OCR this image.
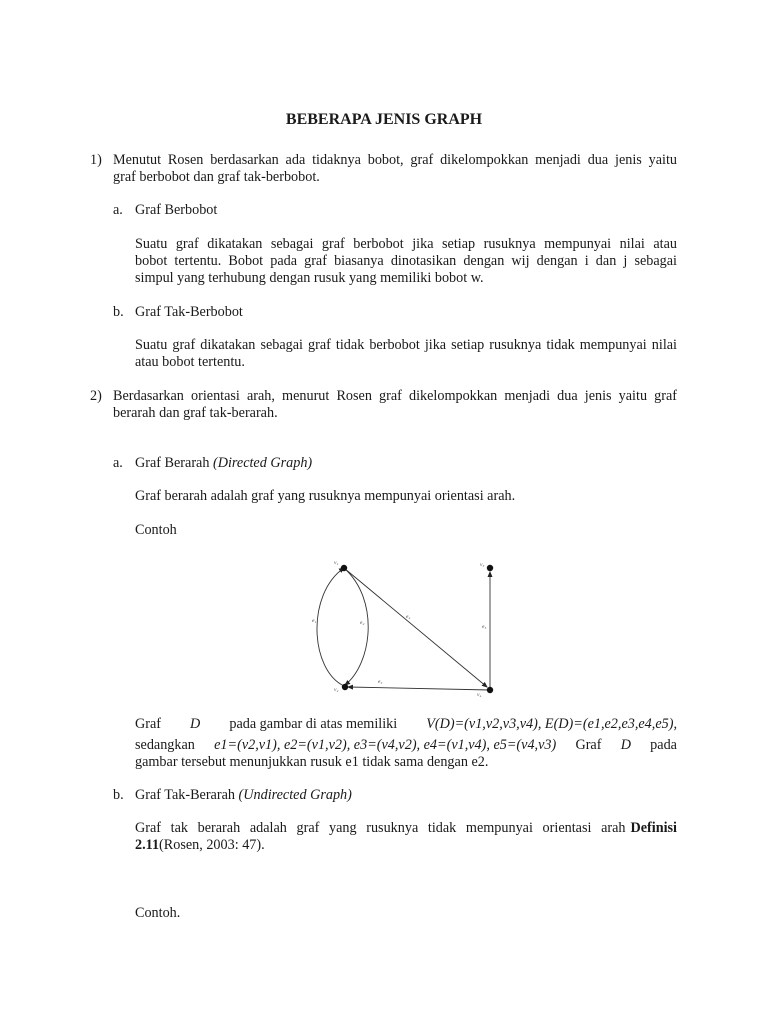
BEBERAPA JENIS GRAPH
1) Menutut Rosen berdasarkan ada tidaknya bobot, graf dikelompokkan menjadi dua jenis yaitu
graf berbobot dan graf tak-berbobot.
a. Graf Berbobot
Suatu graf dikatakan sebagai graf berbobot jika setiap rusuknya mempunyai nilai atau
bobot tertentu. Bobot pada graf biasanya dinotasikan dengan wij dengan i dan j sebagai
simpul yang terhubung dengan rusuk yang memiliki bobot w.
b. Graf Tak-Berbobot
Suatu graf dikatakan sebagai graf tidak berbobot jika setiap rusuknya tidak mempunyai nilai
atau bobot tertentu.
2) Berdasarkan orientasi arah, menurut Rosen graf dikelompokkan menjadi dua jenis yaitu graf
berarah dan graf tak-berarah.
a. Graf Berarah (Directed Graph)
Graf berarah adalah graf yang rusuknya mempunyai orientasi arah.
Contoh
v₁
v₂
v₃
v₄
e₁	e₂
e₃
e₄
e₅
Graf D pada gambar di atas memiliki V(D)=(v1,v2,v3,v4), E(D)=(e1,e2,e3,e4,e5),
sedangkan e1=(v2,v1), e2=(v1,v2), e3=(v4,v2), e4=(v1,v4), e5=(v4,v3) Graf D pada
gambar tersebut menunjukkan rusuk e1 tidak sama dengan e2.
b. Graf Tak-Berarah (Undirected Graph)
Graf tak berarah adalah graf yang rusuknya tidak mempunyai orientasi arah Definisi
2.11(Rosen, 2003: 47).
Contoh.
